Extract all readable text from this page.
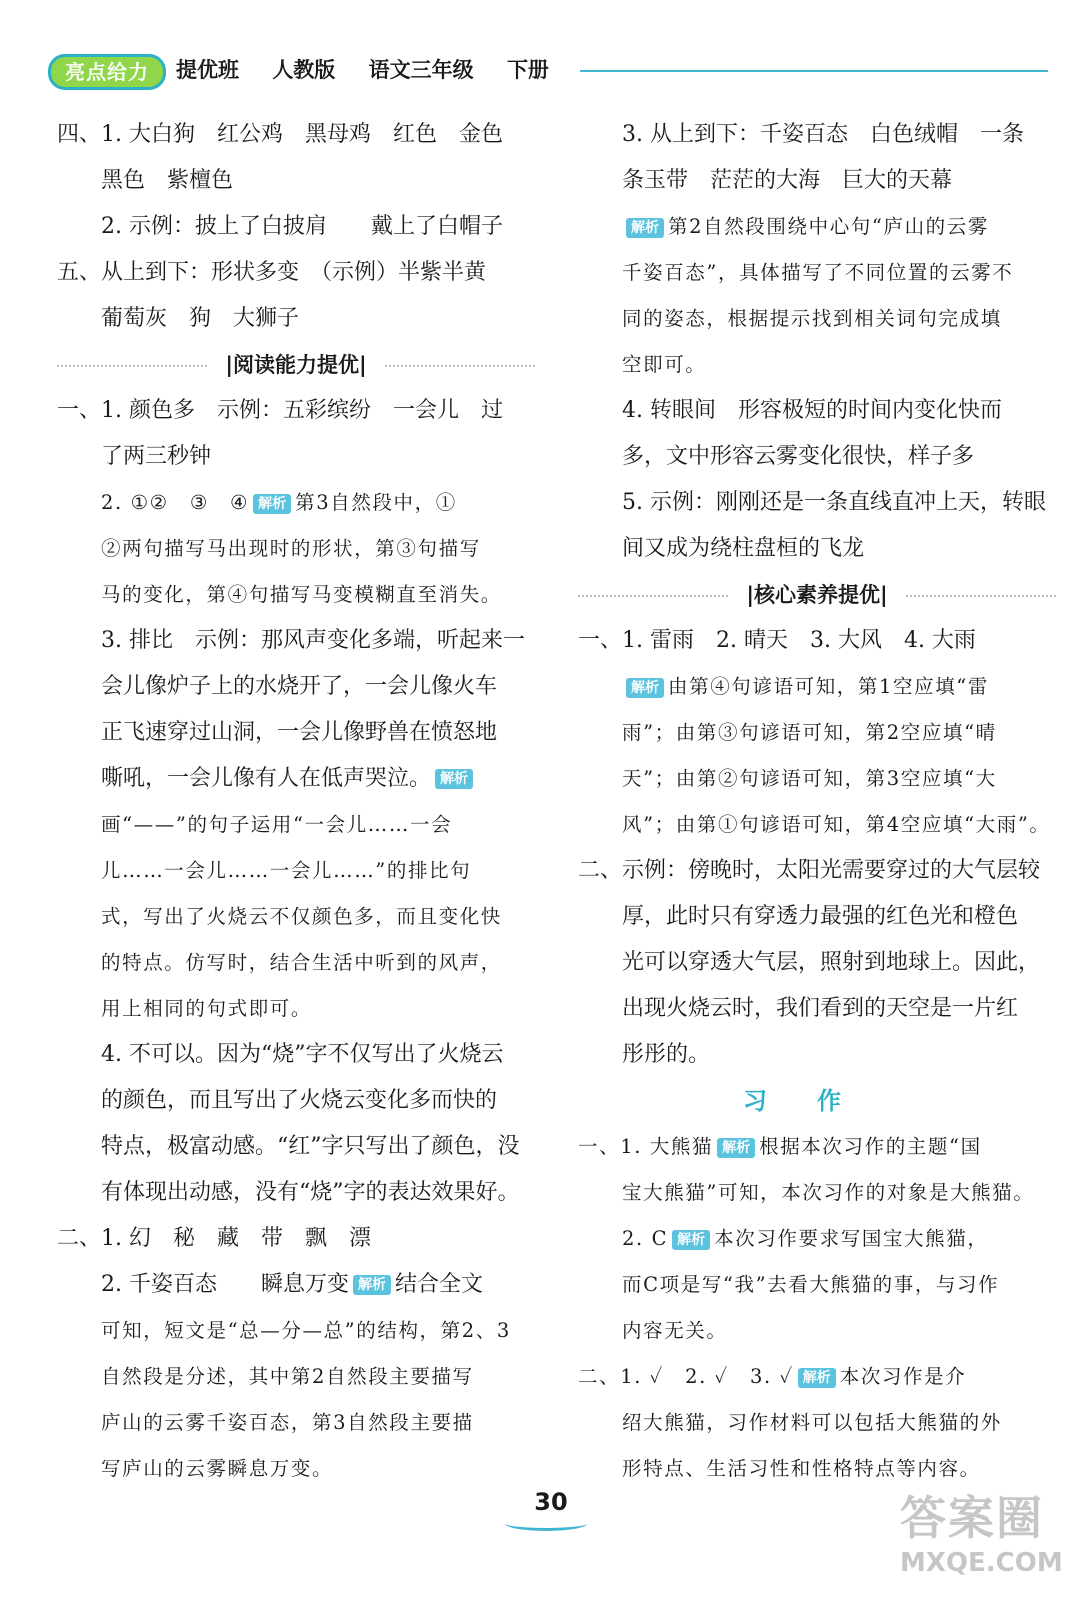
亮点给力	提优班 人教版 语文三年级 下册
四、1. 大白狗　红公鸡　黑母鸡　红色　金色
黑色　紫檀色
2. 示例：披上了白披肩　　戴上了白帽子
五、从上到下：形状多变　（示例）半紫半黄
葡萄灰　狗　大狮子
|阅读能力提优|
一、1. 颜色多　示例：五彩缤纷　一会儿　过
了两三秒钟
2. ①②　③　④ 解析 第3自然段中，①
②两句描写马出现时的形状，第③句描写
马的变化，第④句描写马变模糊直至消失。
3. 排比　示例：那风声变化多端，听起来一
会儿像炉子上的水烧开了，一会儿像火车
正飞速穿过山洞，一会儿像野兽在愤怒地
嘶吼，一会儿像有人在低声哭泣。 解析
画“——”的句子运用“一会儿……一会
儿……一会儿……一会儿……”的排比句
式，写出了火烧云不仅颜色多，而且变化快
的特点。仿写时，结合生活中听到的风声，
用上相同的句式即可。
4. 不可以。因为“烧”字不仅写出了火烧云
的颜色，而且写出了火烧云变化多而快的
特点，极富动感。“红”字只写出了颜色，没
有体现出动感，没有“烧”字的表达效果好。
二、1. 幻　秘　藏　带　飘　漂
2. 千姿百态　　瞬息万变 解析 结合全文
可知，短文是“总—分—总”的结构，第2、3
自然段是分述，其中第2自然段主要描写
庐山的云雾千姿百态，第3自然段主要描
写庐山的云雾瞬息万变。
3. 从上到下：千姿百态　白色绒帽　一条
条玉带　茫茫的大海　巨大的天幕
解析 第2自然段围绕中心句“庐山的云雾
千姿百态”，具体描写了不同位置的云雾不
同的姿态，根据提示找到相关词句完成填
空即可。
4. 转眼间　形容极短的时间内变化快而
多，文中形容云雾变化很快，样子多
5. 示例：刚刚还是一条直线直冲上天，转眼
间又成为绕柱盘桓的飞龙
|核心素养提优|
一、1. 雷雨　2. 晴天　3. 大风　4. 大雨
解析 由第④句谚语可知，第1空应填“雷
雨”；由第③句谚语可知，第2空应填“晴
天”；由第②句谚语可知，第3空应填“大
风”；由第①句谚语可知，第4空应填“大雨”。
二、示例：傍晚时，太阳光需要穿过的大气层较
厚，此时只有穿透力最强的红色光和橙色
光可以穿透大气层，照射到地球上。因此，
出现火烧云时，我们看到的天空是一片红
彤彤的。
习作
一、1. 大熊猫 解析 根据本次习作的主题“国
宝大熊猫”可知，本次习作的对象是大熊猫。
2. C 解析 本次习作要求写国宝大熊猫，
而C项是写“我”去看大熊猫的事，与习作
内容无关。
二、1. ✓　2. ✓　3. ✓ 解析 本次习作是介
绍大熊猫，习作材料可以包括大熊猫的外
形特点、生活习性和性格特点等内容。
30	答案圈
MXQE.COM
